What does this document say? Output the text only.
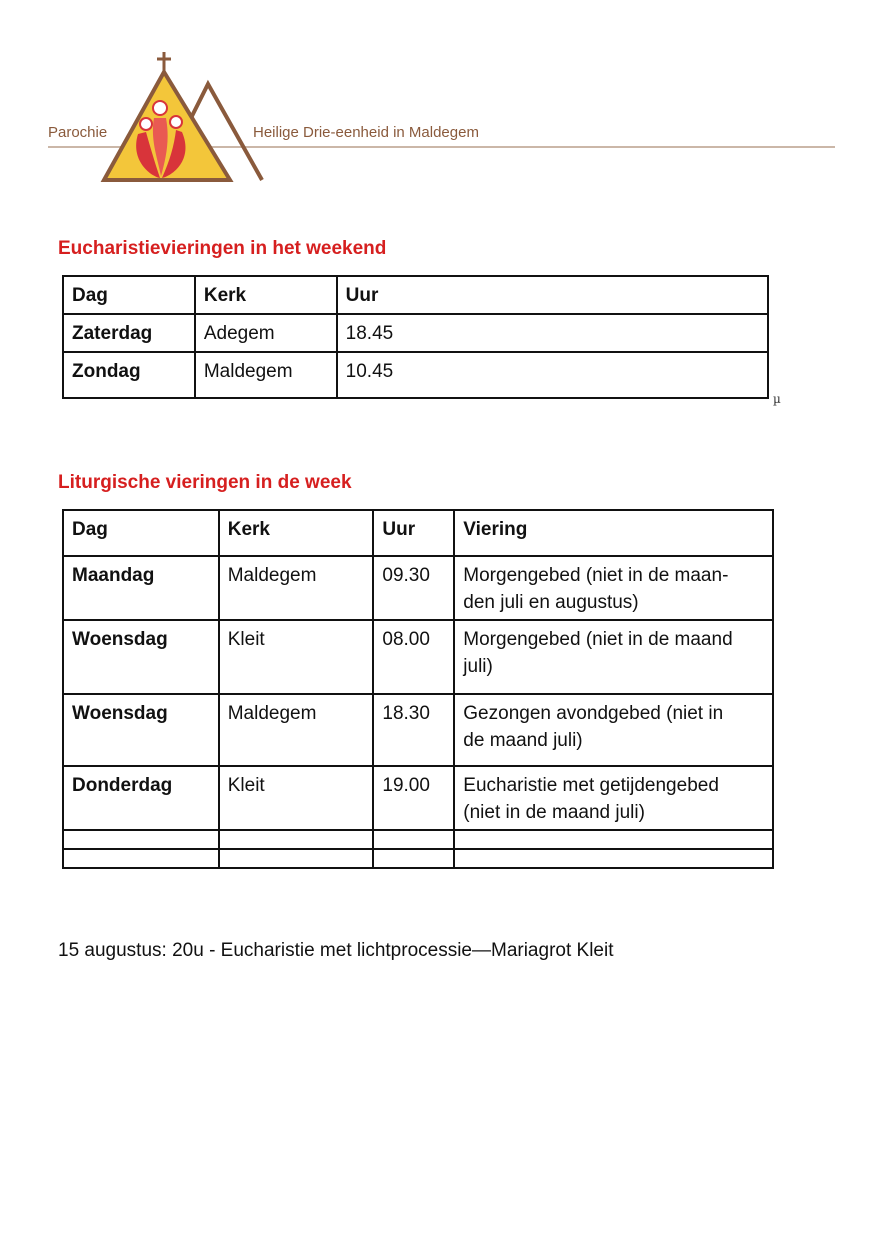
Parochie	Heilige Drie-eenheid in Maldegem
Eucharistievieringen in het weekend
Dag	Kerk	Uur
Zaterdag	Adegem	18.45
Zondag	Maldegem	10.45
µ
Liturgische vieringen in de week
Dag	Kerk	Uur	Viering
Maandag	Maldegem	09.30	Morgengebed (niet in de maan-
den juli en augustus)
Woensdag	Kleit	08.00	Morgengebed (niet in de maand
juli)
Woensdag	Maldegem	18.30	Gezongen avondgebed (niet in
de maand juli)
Donderdag	Kleit	19.00	Eucharistie met getijdengebed
(niet in de maand juli)

15 augustus: 20u - Eucharistie met lichtprocessie—Mariagrot Kleit
